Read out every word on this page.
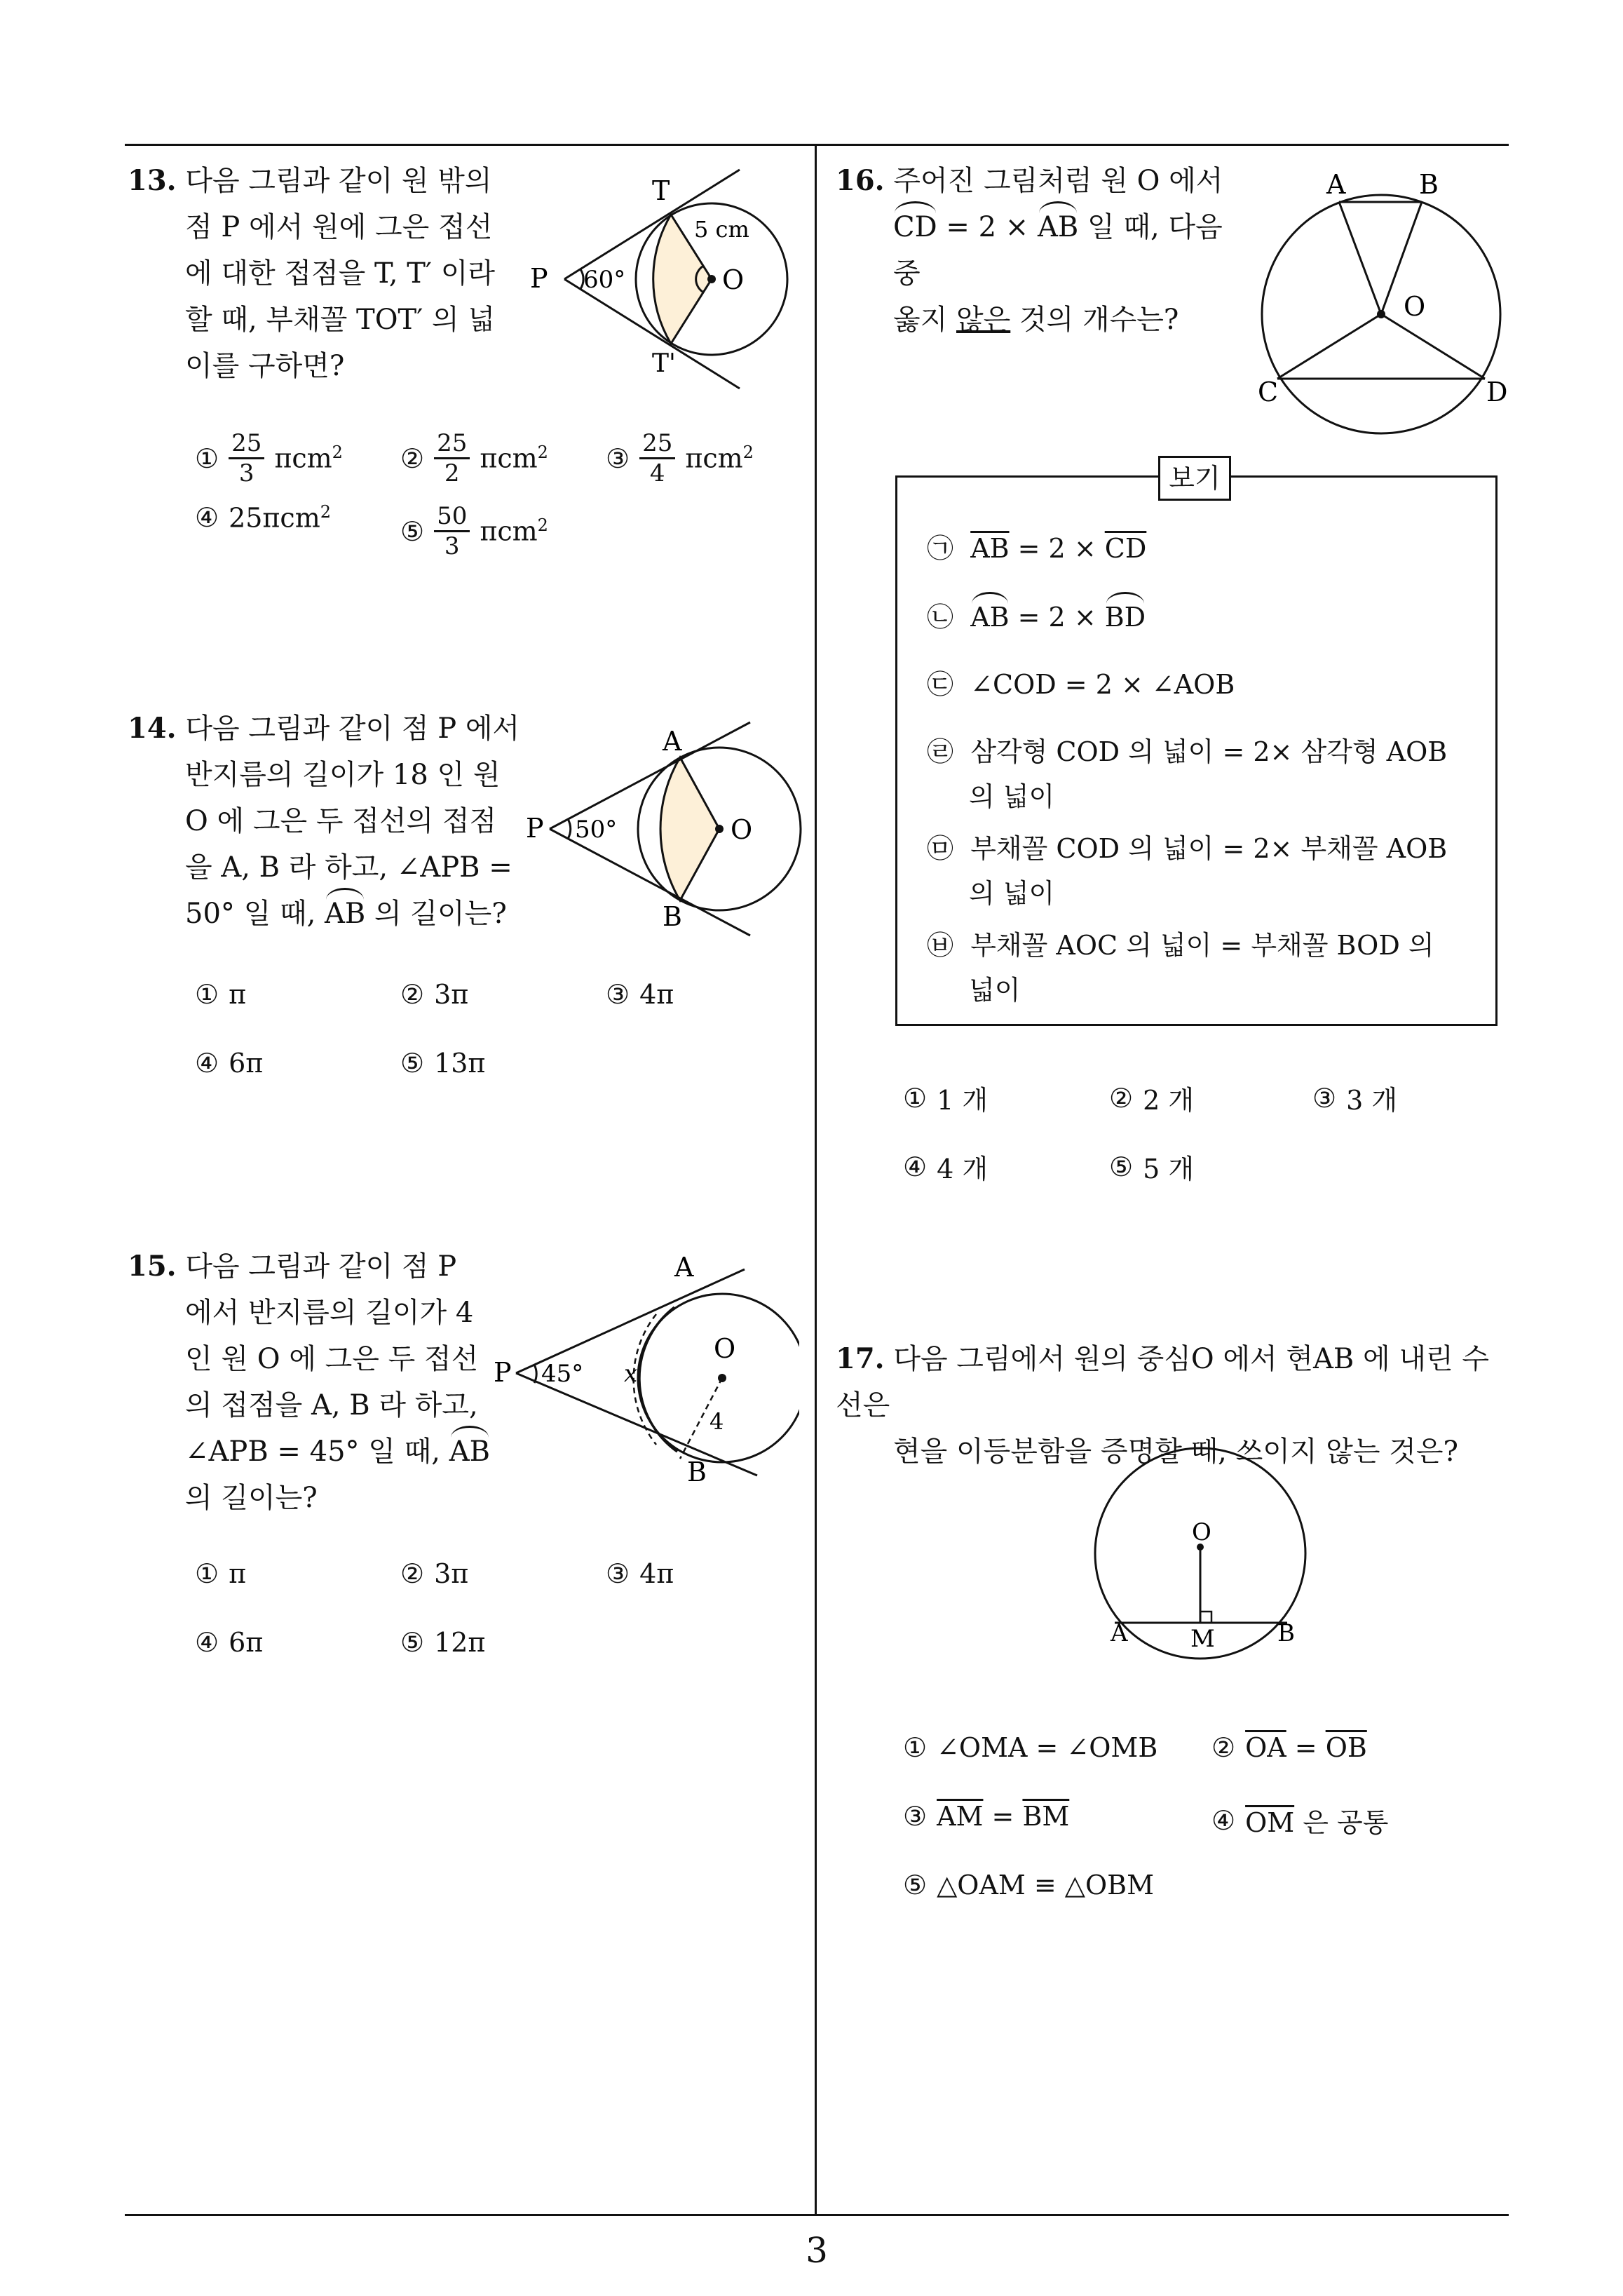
3
13. 다음 그림과 같이 원 밖의
점 P 에서 원에 그은 접선
에 대한 접점을 T, T′ 이라
할 때, 부채꼴 TOT′ 의 넓
이를 구하면?
T
T'
P	O
60°
5 cm
① $\frac{25}{3} \pi cm^2$ ② $\frac{25}{2} \pi cm^2$ ③ $\frac{25}{4} \pi cm^2$
④ 25πcm$^2$
⑤ $\frac{50}{3} \pi cm^2$
14. 다음 그림과 같이 점 P 에서
반지름의 길이가 18 인 원
O 에 그은 두 접선의 접점
을 A, B 라 하고, ∠APB =
50° 일 때, AB 의 길이는?
A
B
P	O
50°
① π	② 3π	③ 4π
④ 6π	⑤ 13π
15. 다음 그림과 같이 점 P
에서 반지름의 길이가 4
인 원 O 에 그은 두 접선
의 접점을 A, B 라 하고,
∠APB = 45° 일 때, AB
의 길이는?
A
B
P
O
45° x
4
① π	② 3π	③ 4π
④ 6π	⑤ 12π
16. 주어진 그림처럼 원 O 에서
CD = 2 × AB 일 때, 다음 중
옳지 않은 것의 개수는?
A	B
C	D
O
보기
㉠ $\overline{AB} = 2 \times \overline{CD}$
㉡ AB = 2 × BD
㉢ ∠COD = 2 × ∠AOB
㉣ 삼각형 COD 의 넓이 = 2× 삼각형 AOB
의 넓이
㉤ 부채꼴 COD 의 넓이 = 2× 부채꼴 AOB
의 넓이
㉥ 부채꼴 AOC 의 넓이 = 부채꼴 BOD 의
넓이
① 1 개	② 2 개	③ 3 개
④ 4 개	⑤ 5 개
17. 다음 그림에서 원의 중심O 에서 현AB 에 내린 수선은
현을 이등분함을 증명할 때, 쓰이지 않는 것은?
O
A	M	B
① ∠OMA = ∠OMB ② $\overline{OA} = \overline{OB}$
③ $\overline{AM} = \overline{BM}$	④ $\overline{OM}$ 은 공통
⑤ △OAM ≡ △OBM
